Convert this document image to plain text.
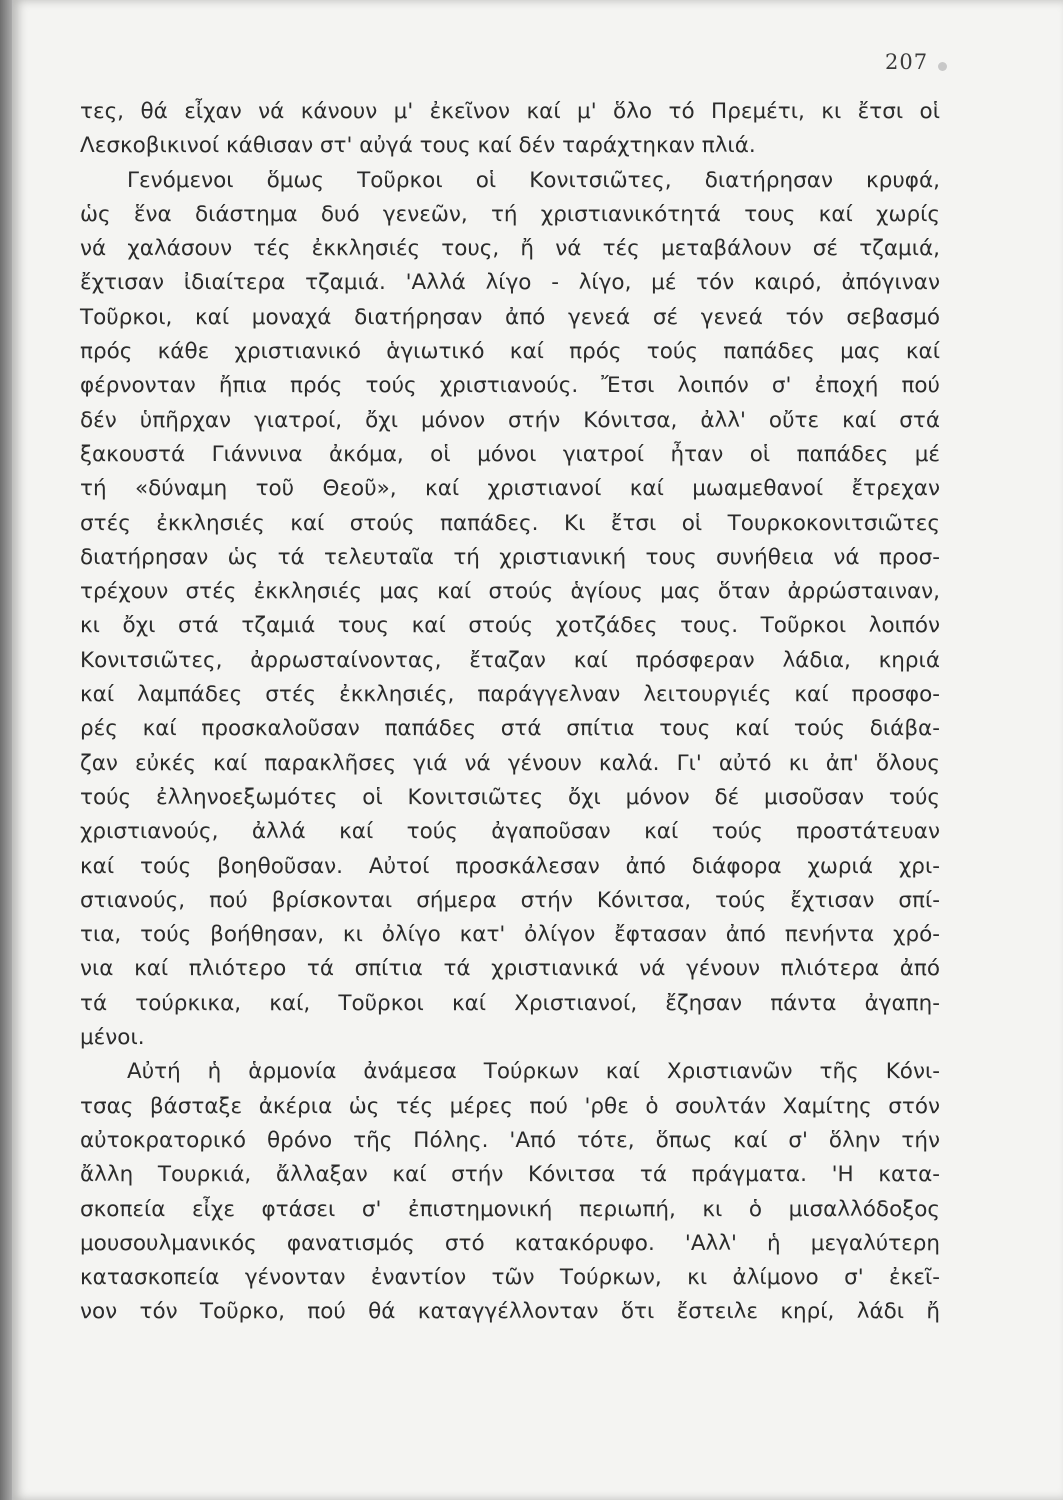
207
τες, θά εἶχαν νά κάνουν μ' ἐκεῖνον καί μ' ὅλο τό Πρεμέτι, κι ἔτσι οἱ
Λεσκοβικινοί κάθισαν στ' αὐγά τους καί δέν ταράχτηκαν πλιά.
Γενόμενοι ὅμως Τοῦρκοι οἱ Κονιτσιῶτες, διατήρησαν κρυφά,
ὡς ἕνα διάστημα δυό γενεῶν, τή χριστιανικότητά τους καί χωρίς
νά χαλάσουν τές ἐκκλησιές τους, ἤ νά τές μεταβάλουν σέ τζαμιά,
ἔχτισαν ἰδιαίτερα τζαμιά. 'Αλλά λίγο - λίγο, μέ τόν καιρό, ἀπόγιναν
Τοῦρκοι, καί μοναχά διατήρησαν ἀπό γενεά σέ γενεά τόν σεβασμό
πρός κάθε χριστιανικό ἁγιωτικό καί πρός τούς παπάδες μας καί
φέρνονταν ἤπια πρός τούς χριστιανούς. Ἔτσι λοιπόν σ' ἐποχή πού
δέν ὑπῆρχαν γιατροί, ὄχι μόνον στήν Κόνιτσα, ἀλλ' οὔτε καί στά
ξακουστά Γιάννινα ἀκόμα, οἱ μόνοι γιατροί ἦταν οἱ παπάδες μέ
τή «δύναμη τοῦ Θεοῦ», καί χριστιανοί καί μωαμεθανοί ἔτρεχαν
στές ἐκκλησιές καί στούς παπάδες. Κι ἔτσι οἱ Τουρκοκονιτσιῶτες
διατήρησαν ὡς τά τελευταῖα τή χριστιανική τους συνήθεια νά προσ-
τρέχουν στές ἐκκλησιές μας καί στούς ἁγίους μας ὅταν ἀρρώσταιναν,
κι ὄχι στά τζαμιά τους καί στούς χοτζάδες τους. Τοῦρκοι λοιπόν
Κονιτσιῶτες, ἀρρωσταίνοντας, ἔταζαν καί πρόσφεραν λάδια, κηριά
καί λαμπάδες στές ἐκκλησιές, παράγγελναν λειτουργιές καί προσφο-
ρές καί προσκαλοῦσαν παπάδες στά σπίτια τους καί τούς διάβα-
ζαν εὐκές καί παρακλῆσες γιά νά γένουν καλά. Γι' αὐτό κι ἀπ' ὅλους
τούς ἐλληνοεξωμότες οἱ Κονιτσιῶτες ὄχι μόνον δέ μισοῦσαν τούς
χριστιανούς, ἀλλά καί τούς ἀγαποῦσαν καί τούς προστάτευαν
καί τούς βοηθοῦσαν. Αὐτοί προσκάλεσαν ἀπό διάφορα χωριά χρι-
στιανούς, πού βρίσκονται σήμερα στήν Κόνιτσα, τούς ἔχτισαν σπί-
τια, τούς βοήθησαν, κι ὀλίγο κατ' ὀλίγον ἔφτασαν ἀπό πενήντα χρό-
νια καί πλιότερο τά σπίτια τά χριστιανικά νά γένουν πλιότερα ἀπό
τά τούρκικα, καί, Τοῦρκοι καί Χριστιανοί, ἔζησαν πάντα ἀγαπη-
μένοι.
Αὐτή ἡ ἁρμονία ἀνάμεσα Τούρκων καί Χριστιανῶν τῆς Κόνι-
τσας βάσταξε ἀκέρια ὡς τές μέρες πού 'ρθε ὁ σουλτάν Χαμίτης στόν
αὐτοκρατορικό θρόνο τῆς Πόλης. 'Από τότε, ὅπως καί σ' ὅλην τήν
ἄλλη Τουρκιά, ἄλλαξαν καί στήν Κόνιτσα τά πράγματα. 'Η κατα-
σκοπεία εἶχε φτάσει σ' ἐπιστημονική περιωπή, κι ὁ μισαλλόδοξος
μουσουλμανικός φανατισμός στό κατακόρυφο. 'Αλλ' ἡ μεγαλύτερη
κατασκοπεία γένονταν ἐναντίον τῶν Τούρκων, κι ἀλίμονο σ' ἐκεῖ-
νον τόν Τοῦρκο, πού θά καταγγέλλονταν ὅτι ἔστειλε κηρί, λάδι ἤ
